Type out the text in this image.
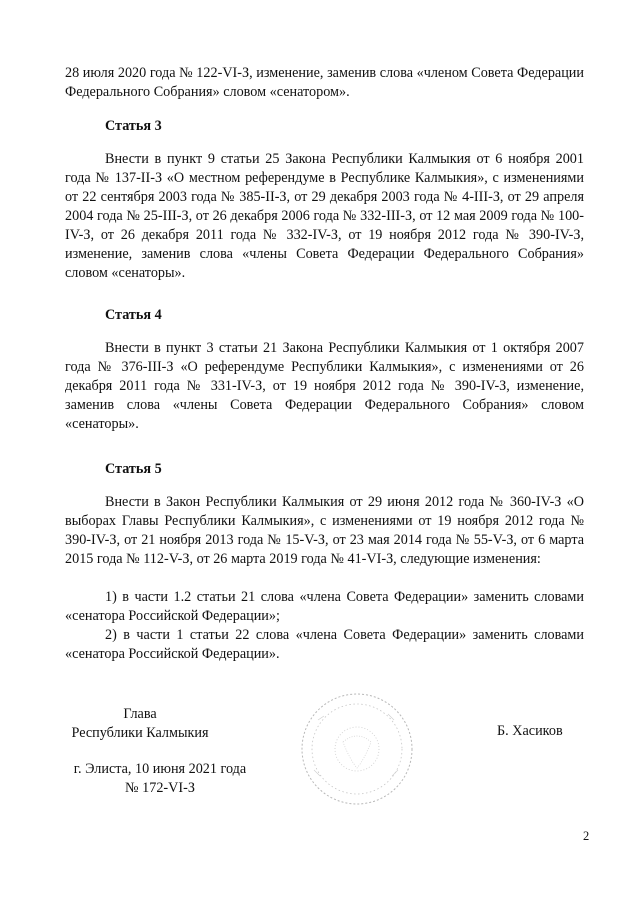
28 июля 2020 года № 122-VI-З, изменение, заменив слова «членом Совета Федерации Федерального Собрания» словом «сенатором».

Статья 3

Внести в пункт 9 статьи 25 Закона Республики Калмыкия от 6 ноября 2001 года № 137-II-З «О местном референдуме в Республике Калмыкия», с изменениями от 22 сентября 2003 года № 385-II-З, от 29 декабря 2003 года № 4-III-З, от 29 апреля 2004 года № 25-III-З, от 26 декабря 2006 года № 332-III-З, от 12 мая 2009 года № 100-IV-З, от 26 декабря 2011 года № 332-IV-З, от 19 ноября 2012 года № 390-IV-З, изменение, заменив слова «члены Совета Федерации Федерального Собрания» словом «сенаторы».

Статья 4

Внести в пункт 3 статьи 21 Закона Республики Калмыкия от 1 октября 2007 года № 376-III-З «О референдуме Республики Калмыкия», с изменениями от 26 декабря 2011 года № 331-IV-З, от 19 ноября 2012 года № 390-IV-З, изменение, заменив слова «члены Совета Федерации Федерального Собрания» словом «сенаторы».

Статья 5

Внести в Закон Республики Калмыкия от 29 июня 2012 года № 360-IV-З «О выборах Главы Республики Калмыкия», с изменениями от 19 ноября 2012 года № 390-IV-З, от 21 ноября 2013 года № 15-V-З, от 23 мая 2014 года № 55-V-З, от 6 марта 2015 года № 112-V-З, от 26 марта 2019 года № 41-VI-З, следующие изменения:

1) в части 1.2 статьи 21 слова «члена Совета Федерации» заменить словами «сенатора Российской Федерации»;

2) в части 1 статьи 22 слова «члена Совета Федерации» заменить словами «сенатора Российской Федерации».

Глава

Республики Калмыкия	Б. Хасиков

г. Элиста, 10 июня 2021 года

№ 172-VI-З

2
